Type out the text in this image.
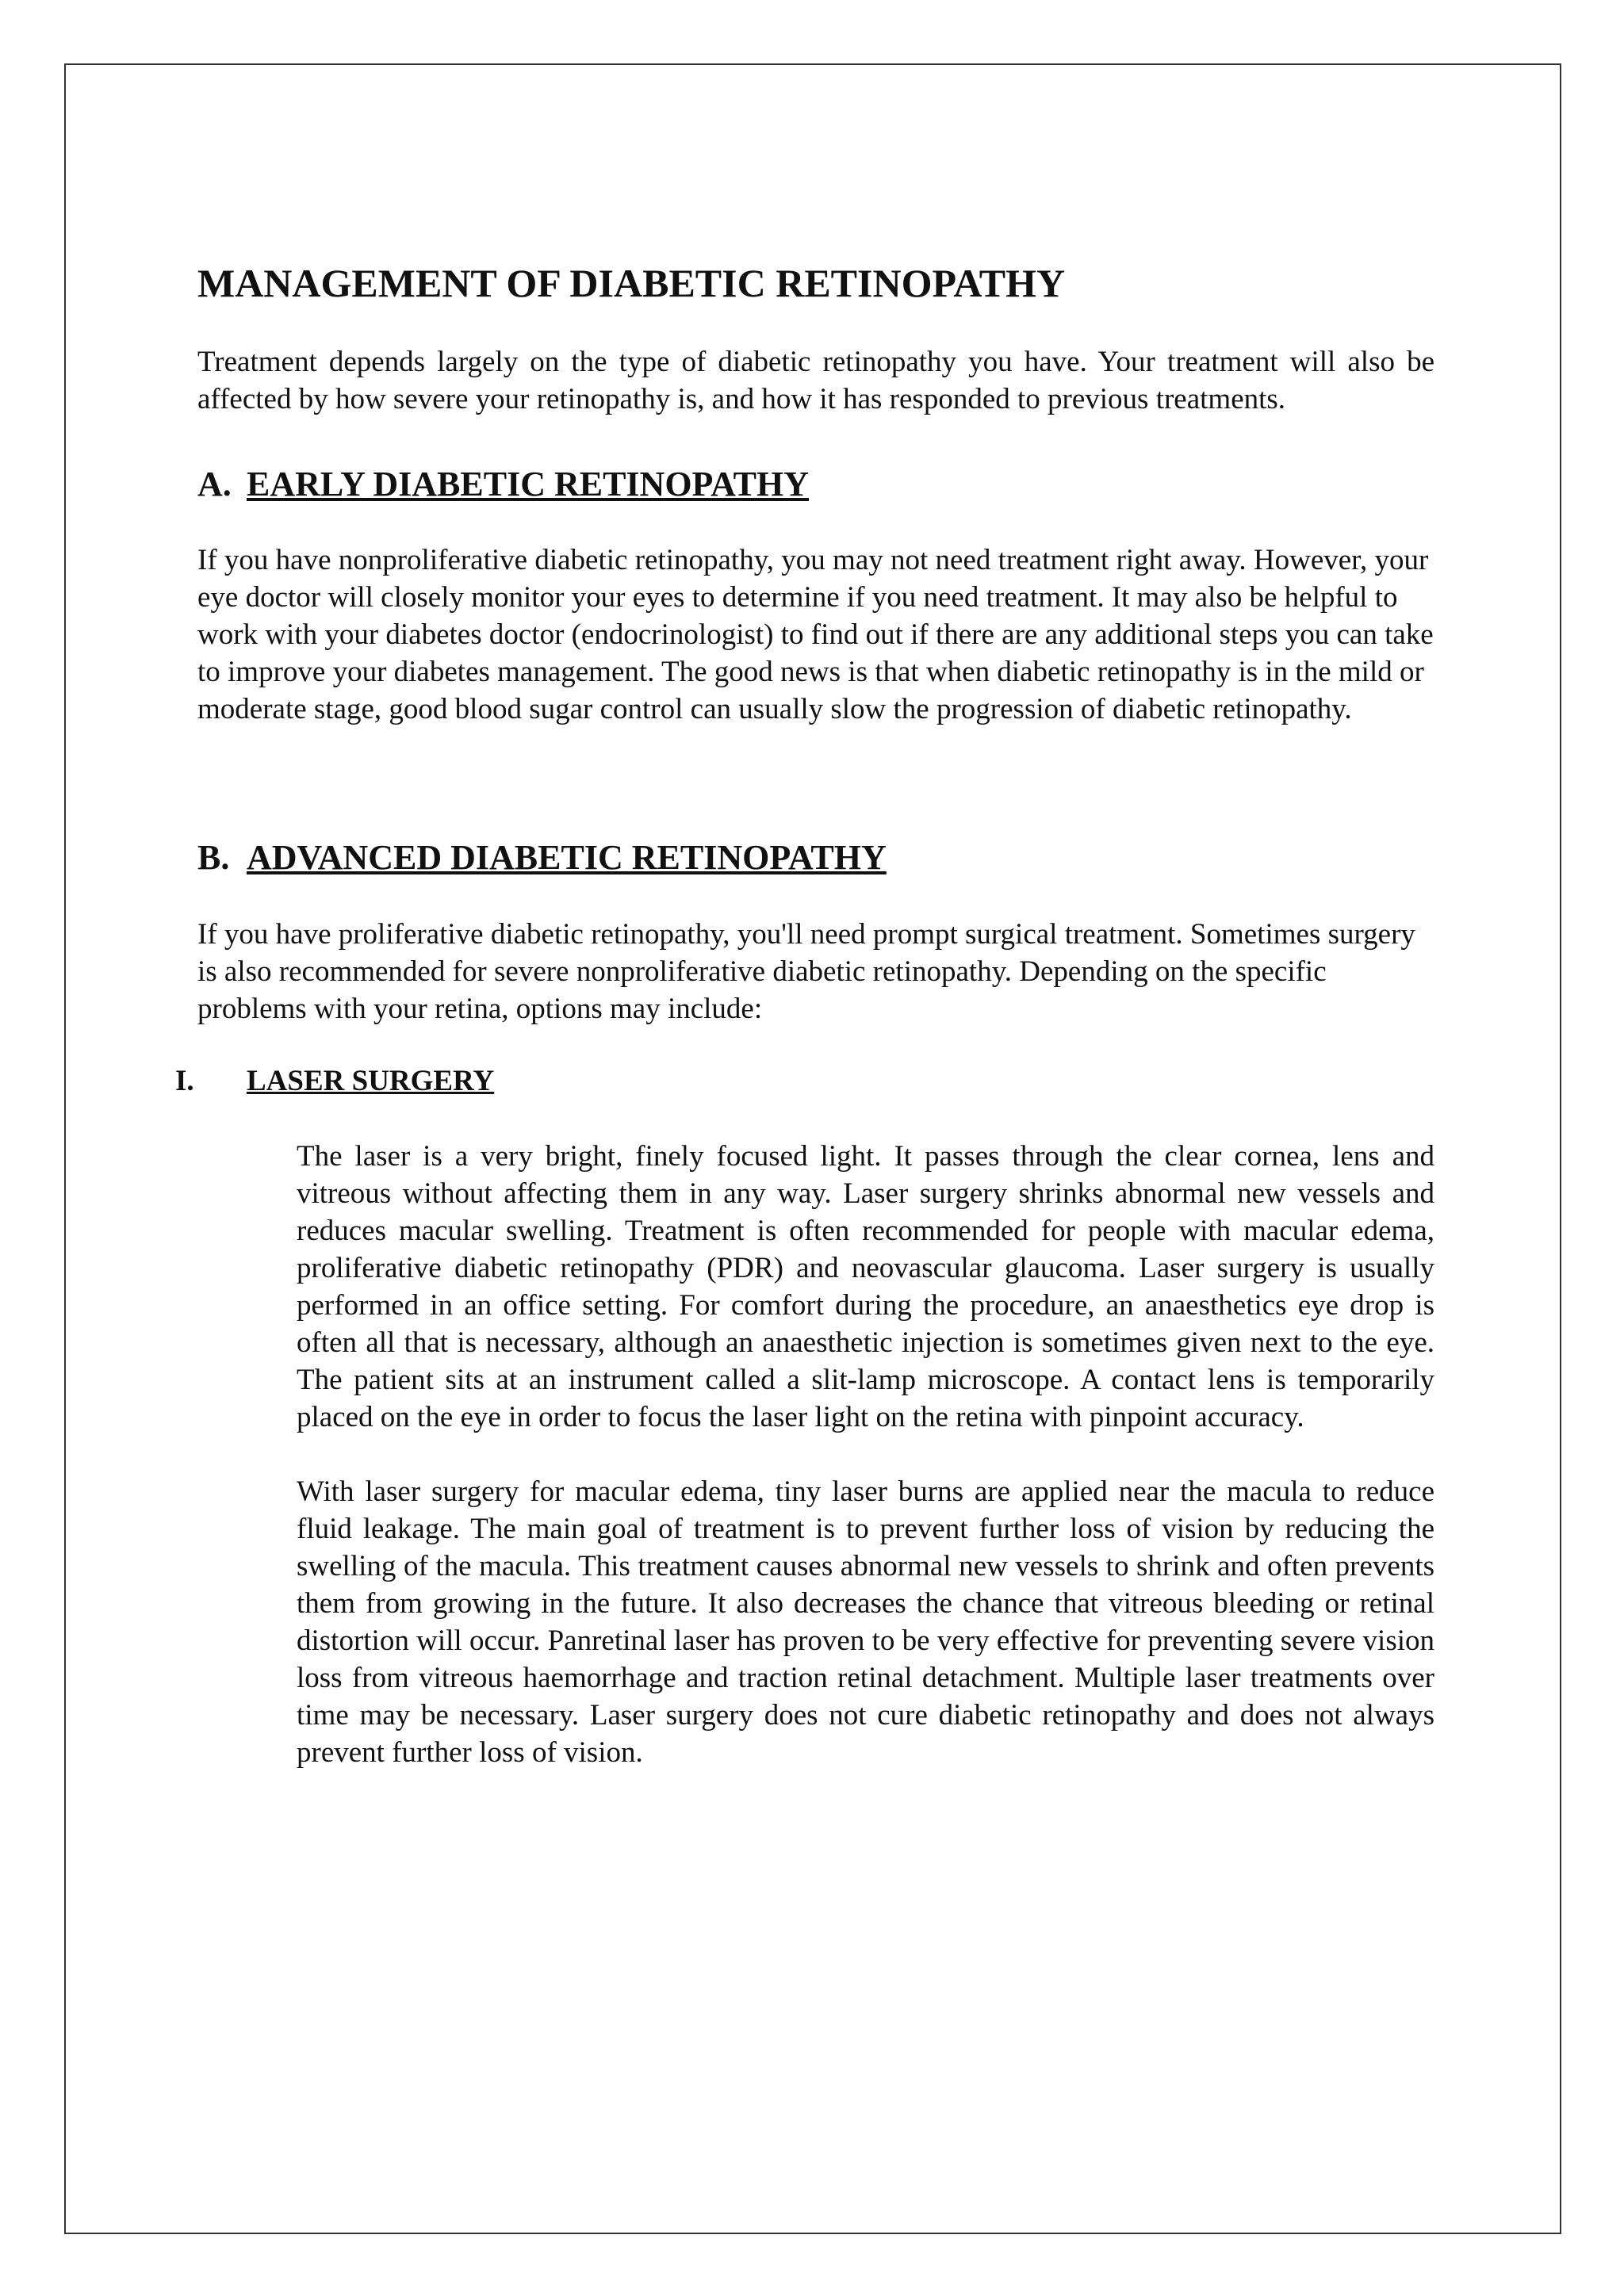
MANAGEMENT OF DIABETIC RETINOPATHY

Treatment depends largely on the type of diabetic retinopathy you have. Your treatment will also be affected by how severe your retinopathy is, and how it has responded to previous treatments.

A. EARLY DIABETIC RETINOPATHY

If you have nonproliferative diabetic retinopathy, you may not need treatment right away. However, your eye doctor will closely monitor your eyes to determine if you need treatment. It may also be helpful to work with your diabetes doctor (endocrinologist) to find out if there are any additional steps you can take to improve your diabetes management. The good news is that when diabetic retinopathy is in the mild or moderate stage, good blood sugar control can usually slow the progression of diabetic retinopathy.

B. ADVANCED DIABETIC RETINOPATHY

If you have proliferative diabetic retinopathy, you'll need prompt surgical treatment. Sometimes surgery is also recommended for severe nonproliferative diabetic retinopathy. Depending on the specific problems with your retina, options may include:

I. LASER SURGERY

The laser is a very bright, finely focused light. It passes through the clear cornea, lens and vitreous without affecting them in any way. Laser surgery shrinks abnormal new vessels and reduces macular swelling. Treatment is often recommended for people with macular edema, proliferative diabetic retinopathy (PDR) and neovascular glaucoma. Laser surgery is usually performed in an office setting. For comfort during the procedure, an anaesthetics eye drop is often all that is necessary, although an anaesthetic injection is sometimes given next to the eye. The patient sits at an instrument called a slit-lamp microscope. A contact lens is temporarily placed on the eye in order to focus the laser light on the retina with pinpoint accuracy.

With laser surgery for macular edema, tiny laser burns are applied near the macula to reduce fluid leakage. The main goal of treatment is to prevent further loss of vision by reducing the swelling of the macula. This treatment causes abnormal new vessels to shrink and often prevents them from growing in the future. It also decreases the chance that vitreous bleeding or retinal distortion will occur. Panretinal laser has proven to be very effective for preventing severe vision loss from vitreous haemorrhage and traction retinal detachment. Multiple laser treatments over time may be necessary. Laser surgery does not cure diabetic retinopathy and does not always prevent further loss of vision.
